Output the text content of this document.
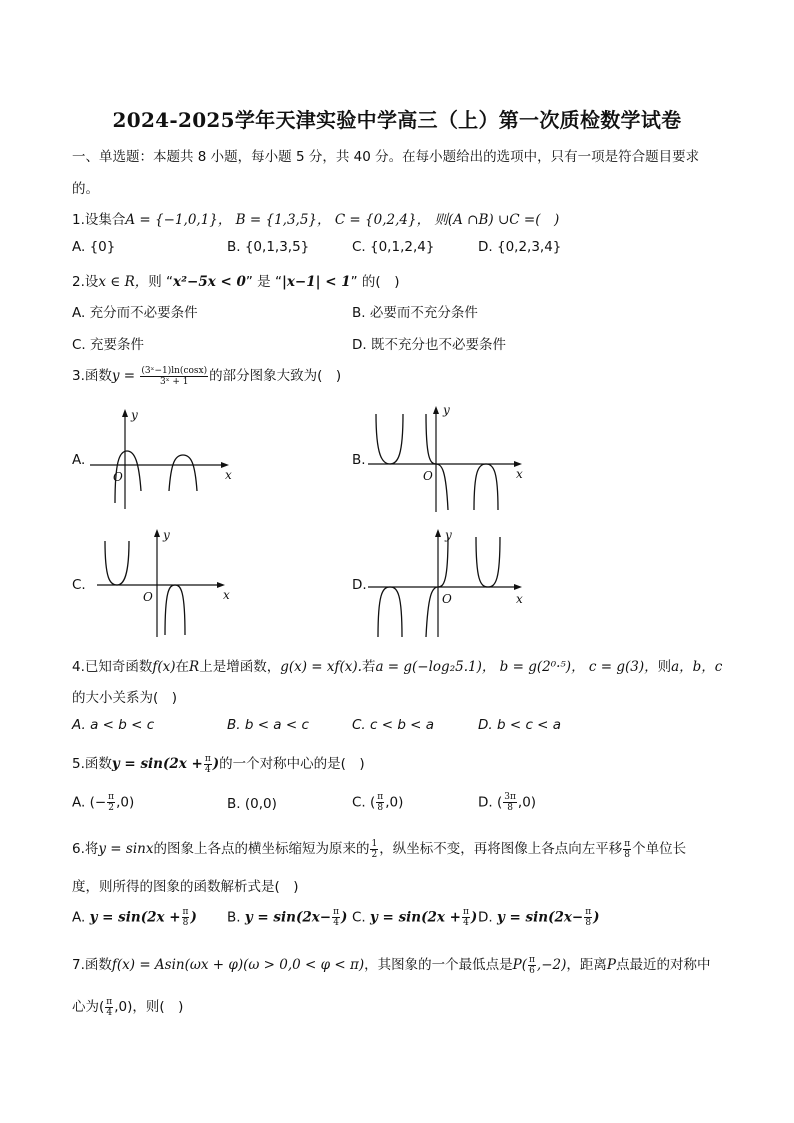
2024-2025学年天津实验中学高三（上）第一次质检数学试卷
一、单选题：本题共 8 小题，每小题 5 分，共 40 分。在每小题给出的选项中，只有一项是符合题目要求
的。
1.设集合A = {−1,0,1}， B = {1,3,5}， C = {0,2,4}， 则(A ∩B) ∪C =(　)
A. {0}	B. {0,1,3,5}	C. {0,1,2,4}	D. {0,2,3,4}
2.设x ∈ R，则 “x²−5x < 0” 是 “|x−1| < 1” 的(　)
A. 充分而不必要条件	B. 必要而不充分条件
C. 充要条件	D. 既不充分也不必要条件
3.函数$y = \frac{\text{(3ˣ−1)ln(cosx)}}{\text{3ˣ + 1}}$ 的部分图象大致为(　)
A.
y
x
O
B.
y
x
O
C.
y
x
O
D.
y
x
O
4.已知奇函数f(x)在R上是增函数，g(x) = xf(x).若a = g(−log₂5.1)， b = g(2⁰·⁵)， c = g(3)，则a，b，c
的大小关系为(　)
A. a < b < c	B. b < a < c	C. c < b < a	D. b < c < a
5.函数$y = \sin(2x + \frac{\pi}{4}$ )的一个对称中心的是(　)
A. (− $\frac{\pi}{2} ,0$)	B. (0,0)	C. ( $\frac{\pi}{8} ,0$)	D. ( $\frac{3\pi}{8} ,0$)
6.将y = sinx的图象上各点的横坐标缩短为原来的 $\frac{1}{2}$ ，纵坐标不变，再将图像上各点向左平移 $\frac{\pi}{8}$ 个单位长
度，则所得的图象的函数解析式是(　)
A. $y = \sin(2x + \frac{\pi}{8}$ ) B. $y = \sin(2x- \frac{\pi}{4}$ ) C. $y = \sin(2x + \frac{\pi}{4}$ ) D. $y = \sin(2x- \frac{\pi}{8}$ )
7.函数f(x) = Asin(ωx + φ)(ω > 0,0 < φ < π)，其图象的一个最低点是$P( \frac{\pi}{6} ,-2)$，距离P点最近的对称中
心为( $\frac{\pi}{4} ,0$)，则(　)
